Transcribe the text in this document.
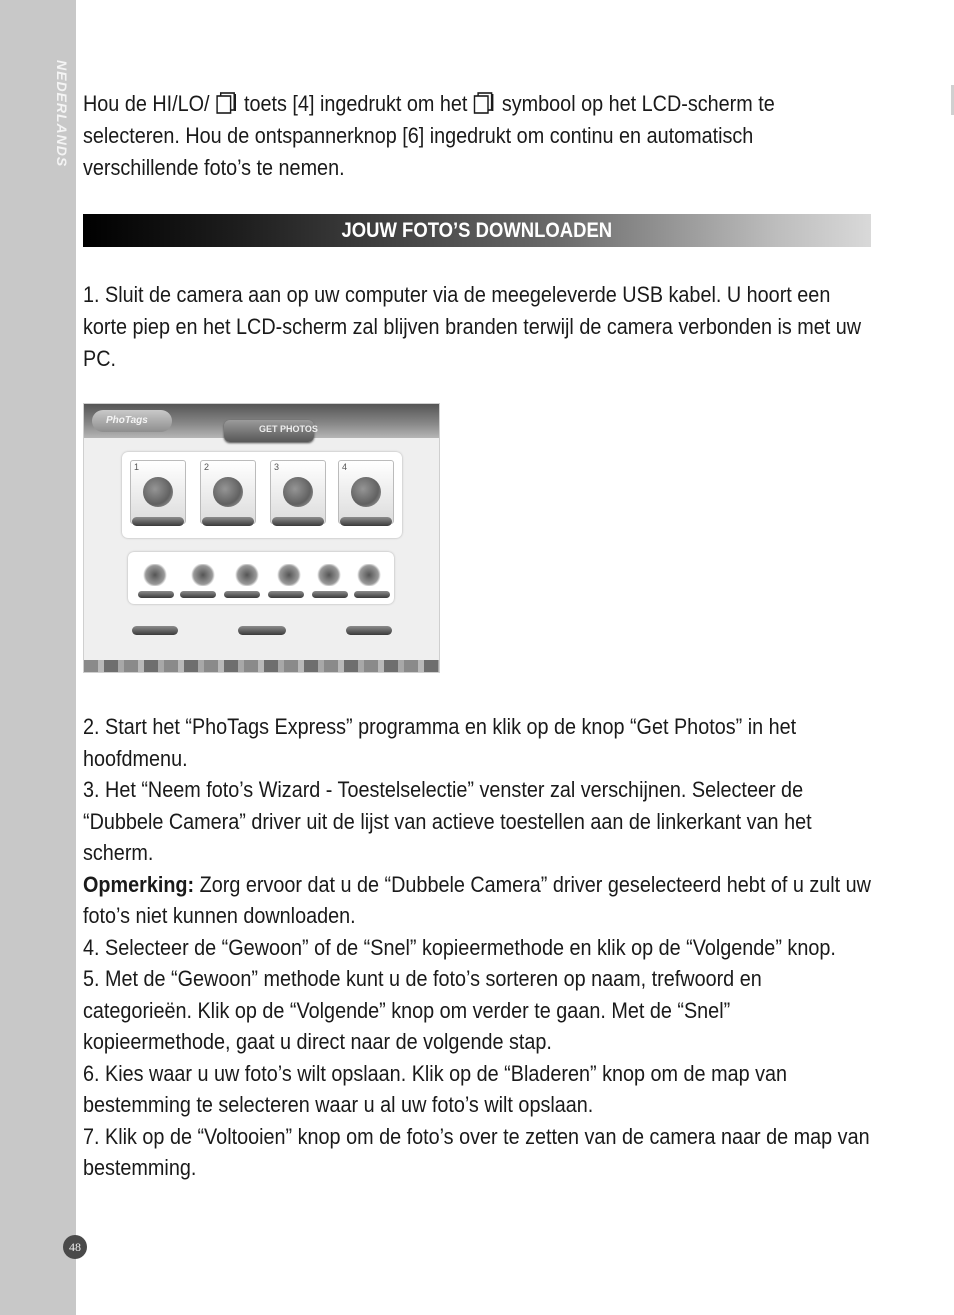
NEDERLANDS Hou de HI/LO/ toets [4] ingedrukt om het symbool op het LCD-scherm te selecteren. Hou de ontspannerknop [6] ingedrukt om continu en automatisch verschillende foto’s te nemen.

JOUW FOTO’S DOWNLOADEN

1. Sluit de camera aan op uw computer via de meegeleverde USB kabel. U hoort een korte piep en het LCD-scherm zal blijven branden terwijl de camera verbonden is met uw PC.

PhoTags
GET PHOTOS
1	2	3	4

2. Start het “PhoTags Express” programma en klik op de knop “Get Photos” in het hoofdmenu.

3. Het “Neem foto’s Wizard - Toestelselectie” venster zal verschijnen. Selecteer de “Dubbele Camera” driver uit de lijst van actieve toestellen aan de linkerkant van het scherm.

Opmerking: Zorg ervoor dat u de “Dubbele Camera” driver geselecteerd hebt of u zult uw foto’s niet kunnen downloaden.

4. Selecteer de “Gewoon” of de “Snel” kopieermethode en klik op de “Volgende” knop.

5. Met de “Gewoon” methode kunt u de foto’s sorteren op naam, trefwoord en categorieën. Klik op de “Volgende” knop om verder te gaan. Met de “Snel” kopieermethode, gaat u direct naar de volgende stap.

6. Kies waar u uw foto’s wilt opslaan. Klik op de “Bladeren” knop om de map van bestemming te selecteren waar u al uw foto’s wilt opslaan.

7. Klik op de “Voltooien” knop om de foto’s over te zetten van de camera naar de map van bestemming.

48
